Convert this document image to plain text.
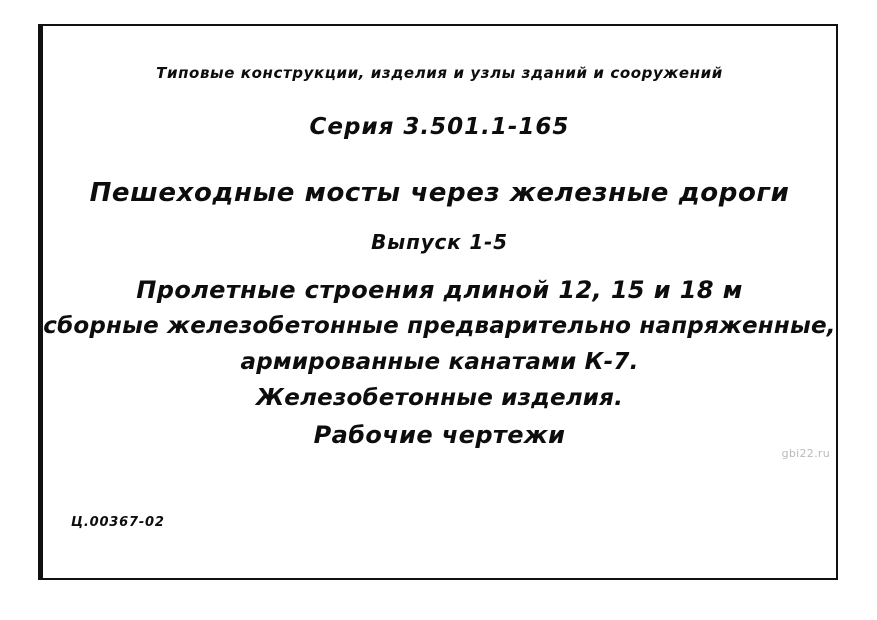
Типовые конструкции, изделия и узлы зданий и сооружений
Серия 3.501.1-165
Пешеходные мосты через железные дороги
Выпуск 1-5
Пролетные строения длиной 12, 15 и 18 м
сборные железобетонные предварительно напряженные,
армированные канатами К-7.
Железобетонные изделия.
Рабочие чертежи
Ц.00367-02
gbi22.ru
